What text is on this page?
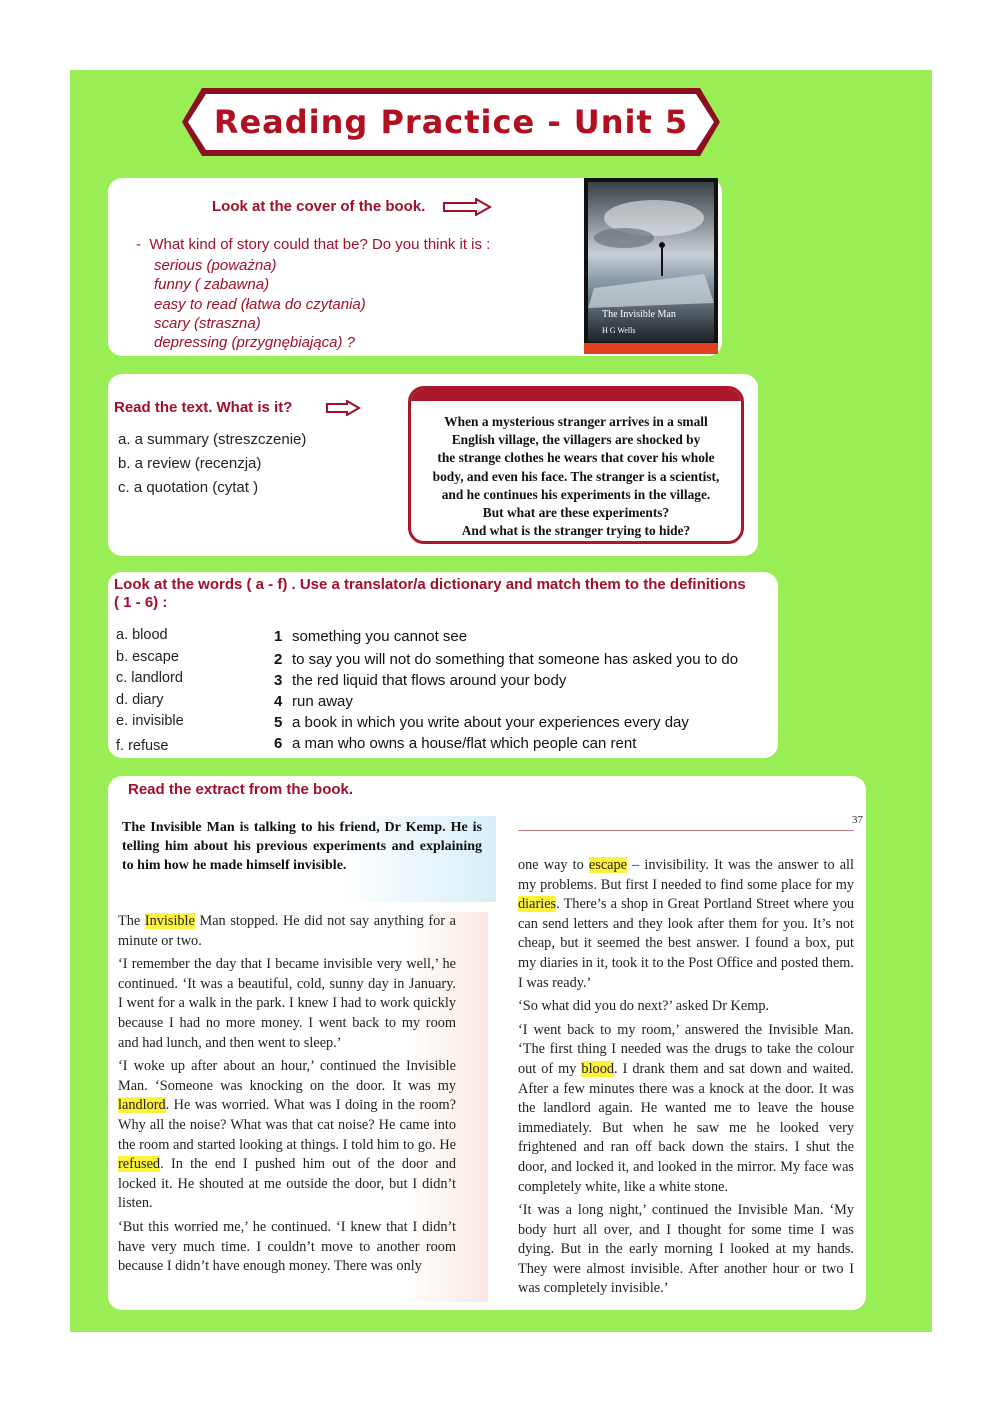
Reading Practice - Unit 5
Look at the cover of the book.
- What kind of story could that be? Do you think it is :
serious (poważna)
funny ( zabawna)
easy to read (łatwa do czytania)
scary (straszna)
depressing (przygnębiająca) ?
The Invisible Man
H G Wells
Read the text. What is it?
a. a summary (streszczenie)
b. a review (recenzja)
c. a quotation (cytat )
When a mysterious stranger arrives in a small
English village, the villagers are shocked by
the strange clothes he wears that cover his whole
body, and even his face. The stranger is a scientist,
and he continues his experiments in the village.
But what are these experiments?
And what is the stranger trying to hide?
Look at the words ( a - f) . Use a translator/a dictionary and match them to the definitions ( 1 - 6) :
a. blood
b. escape
c. landlord
d. diary
e. invisible
f. refuse
1 something you cannot see
2 to say you will not do something that someone has asked you to do
3 the red liquid that flows around your body
4 run away
5 a book in which you write about your experiences every day
6 a man who owns a house/flat which people can rent
Read the extract from the book.
37
The Invisible Man is talking to his friend, Dr Kemp. He is telling him about his previous experiments and explaining to him how he made himself invisible.

The Invisible Man stopped. He did not say anything for a minute or two.

‘I remember the day that I became invisible very well,’ he continued. ‘It was a beautiful, cold, sunny day in January. I went for a walk in the park. I knew I had to work quickly because I had no more money. I went back to my room and had lunch, and then went to sleep.’

‘I woke up after about an hour,’ continued the Invisible Man. ‘Someone was knocking on the door. It was my landlord. He was worried. What was I doing in the room? Why all the noise? What was that cat noise? He came into the room and started looking at things. I told him to go. He refused. In the end I pushed him out of the door and locked it. He shouted at me outside the door, but I didn’t listen.

‘But this worried me,’ he continued. ‘I knew that I didn’t have very much time. I couldn’t move to another room because I didn’t have enough money. There was only

one way to escape – invisibility. It was the answer to all my problems. But first I needed to find some place for my diaries. There’s a shop in Great Portland Street where you can send letters and they look after them for you. It’s not cheap, but it seemed the best answer. I found a box, put my diaries in it, took it to the Post Office and posted them. I was ready.’

‘So what did you do next?’ asked Dr Kemp.

‘I went back to my room,’ answered the Invisible Man. ‘The first thing I needed was the drugs to take the colour out of my blood. I drank them and sat down and waited. After a few minutes there was a knock at the door. It was the landlord again. He wanted me to leave the house immediately. But when he saw me he looked very frightened and ran off back down the stairs. I shut the door, and locked it, and looked in the mirror. My face was completely white, like a white stone.

‘It was a long night,’ continued the Invisible Man. ‘My body hurt all over, and I thought for some time I was dying. But in the early morning I looked at my hands. They were almost invisible. After another hour or two I was completely invisible.’
